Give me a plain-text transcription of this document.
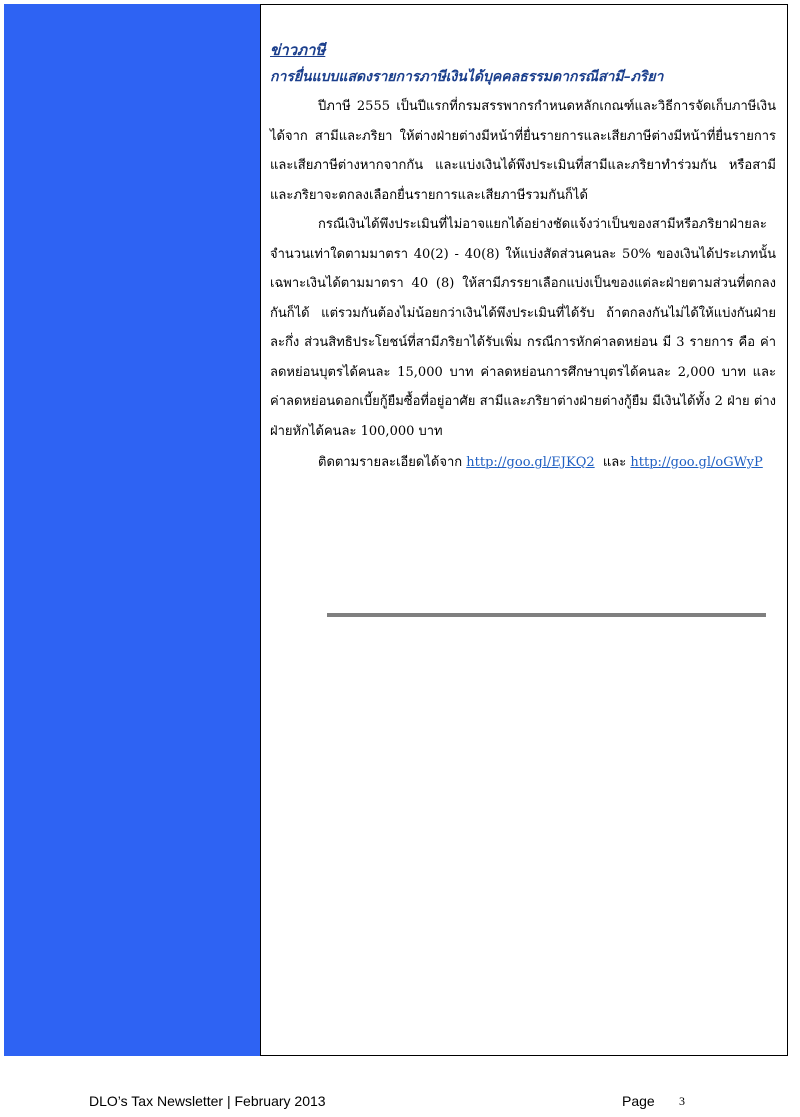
ข่าวภาษี
การยื่นแบบแสดงรายการภาษีเงินได้บุคคลธรรมดากรณีสามี–ภริยา

ปีภาษี 2555 เป็นปีแรกที่กรมสรรพากรกำหนดหลักเกณฑ์และวิธีการจัดเก็บภาษีเงินได้จาก สามีและภริยา ให้ต่างฝ่ายต่างมีหน้าที่ยื่นรายการและเสียภาษีต่างมีหน้าที่ยื่นรายการและเสียภาษีต่างหากจากกัน และแบ่งเงินได้พึงประเมินที่สามีและภริยาทำร่วมกัน หรือสามีและภริยาจะตกลงเลือกยื่นรายการและเสียภาษีรวมกันก็ได้

กรณีเงินได้พึงประเมินที่ไม่อาจแยกได้อย่างชัดแจ้งว่าเป็นของสามีหรือภริยาฝ่ายละจำนวนเท่าใดตามมาตรา 40(2) - 40(8) ให้แบ่งสัดส่วนคนละ 50% ของเงินได้ประเภทนั้น เฉพาะเงินได้ตามมาตรา 40 (8) ให้สามีภรรยาเลือกแบ่งเป็นของแต่ละฝ่ายตามส่วนที่ตกลงกันก็ได้ แต่รวมกันต้องไม่น้อยกว่าเงินได้พึงประเมินที่ได้รับ ถ้าตกลงกันไม่ได้ให้แบ่งกันฝ่ายละกึ่ง ส่วนสิทธิประโยชน์ที่สามีภริยาได้รับเพิ่ม กรณีการหักค่าลดหย่อน มี 3 รายการ คือ ค่าลดหย่อนบุตรได้คนละ 15,000 บาท ค่าลดหย่อนการศึกษาบุตรได้คนละ 2,000 บาท และค่าลดหย่อนดอกเบี้ยกู้ยืมซื้อที่อยู่อาศัย สามีและภริยาต่างฝ่ายต่างกู้ยืม มีเงินได้ทั้ง 2 ฝ่าย ต่างฝ่ายหักได้คนละ 100,000 บาท

ติดตามรายละเอียดได้จาก http://goo.gl/EJKQ2  และ http://goo.gl/oGWyP

DLO’s Tax Newsletter | February 2013	Page 3
